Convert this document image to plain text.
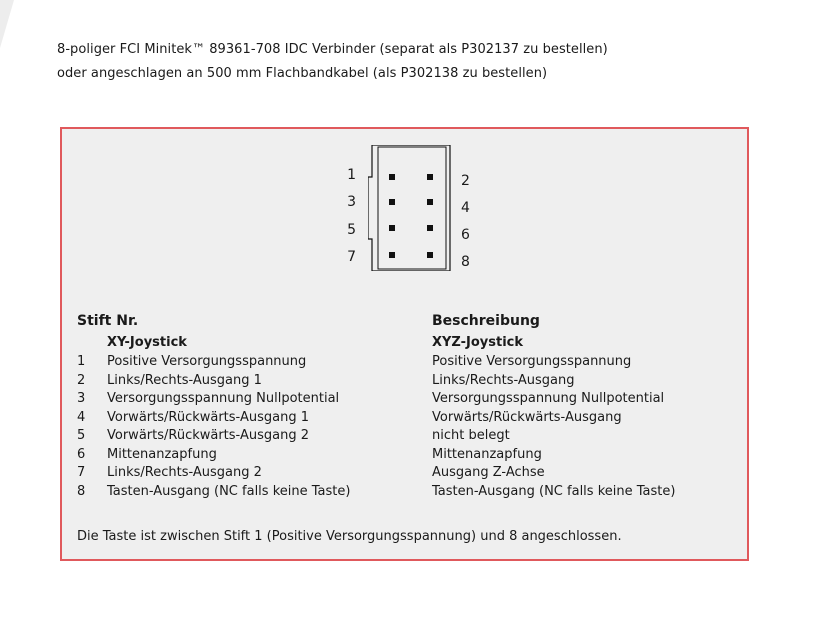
8-poliger FCI Minitek™ 89361-708 IDC Verbinder (separat als P302137 zu bestellen)
oder angeschlagen an 500 mm Flachbandkabel (als P302138 zu bestellen)
1
3
5
7
2
4
6
8
Stift Nr.	Beschreibung
XY-Joystick	XYZ-Joystick
1 Positive Versorgungsspannung
2 Links/Rechts-Ausgang 1
3 Versorgungsspannung Nullpotential
4 Vorwärts/Rückwärts-Ausgang 1
5 Vorwärts/Rückwärts-Ausgang 2
6 Mittenanzapfung
7 Links/Rechts-Ausgang 2
8 Tasten-Ausgang (NC falls keine Taste)
Positive Versorgungsspannung
Links/Rechts-Ausgang
Versorgungsspannung Nullpotential
Vorwärts/Rückwärts-Ausgang
nicht belegt
Mittenanzapfung
Ausgang Z-Achse
Tasten-Ausgang (NC falls keine Taste)
Die Taste ist zwischen Stift 1 (Positive Versorgungsspannung) und 8 angeschlossen.
